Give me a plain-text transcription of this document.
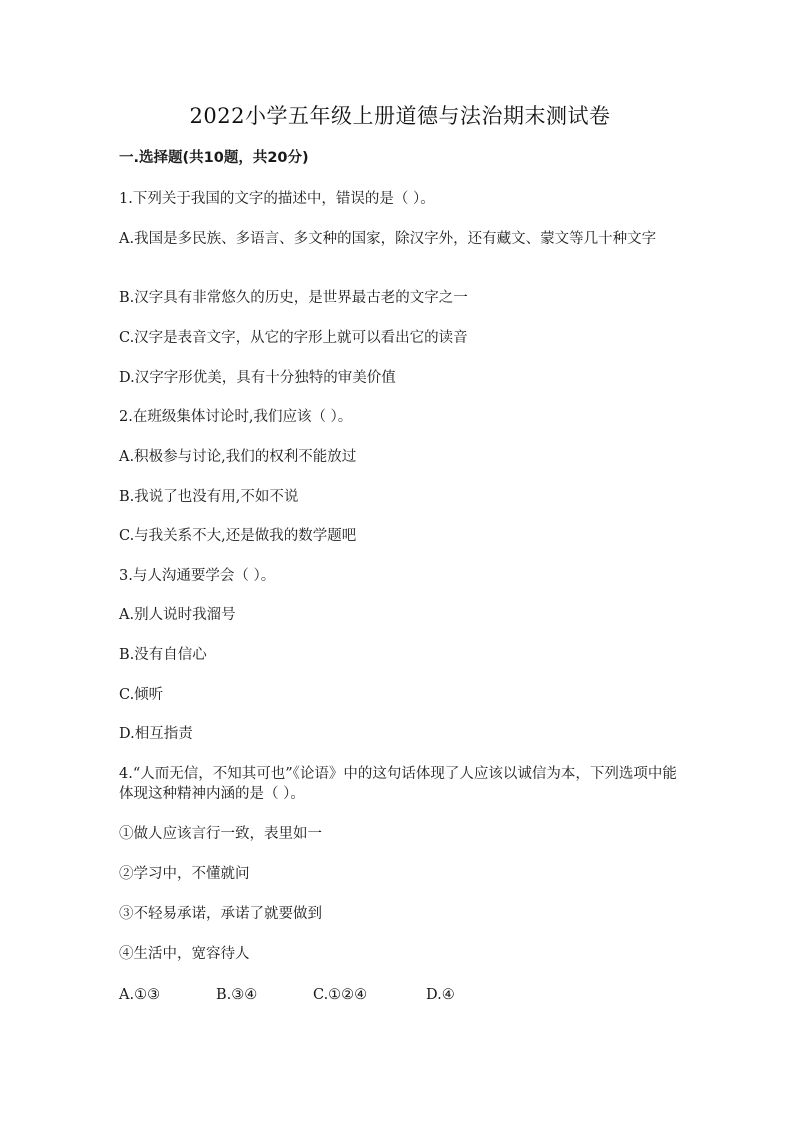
2022小学五年级上册道德与法治期末测试卷
一.选择题(共10题，共20分)
1.下列关于我国的文字的描述中，错误的是（ ）。
A.我国是多民族、多语言、多文种的国家，除汉字外，还有藏文、蒙文等几十种文字
B.汉字具有非常悠久的历史，是世界最古老的文字之一
C.汉字是表音文字，从它的字形上就可以看出它的读音
D.汉字字形优美，具有十分独特的审美价值
2.在班级集体讨论时,我们应该（ ）。
A.积极参与讨论,我们的权利不能放过
B.我说了也没有用,不如不说
C.与我关系不大,还是做我的数学题吧
3.与人沟通要学会（ ）。
A.别人说时我溜号
B.没有自信心
C.倾听
D.相互指责
4.“人而无信，不知其可也”《论语》中的这句话体现了人应该以诚信为本，下列选项中能体现这种精神内涵的是（ ）。
①做人应该言行一致，表里如一
②学习中，不懂就问
③不轻易承诺，承诺了就要做到
④生活中，宽容待人
A.①③	B.③④	C.①②④	D.④
